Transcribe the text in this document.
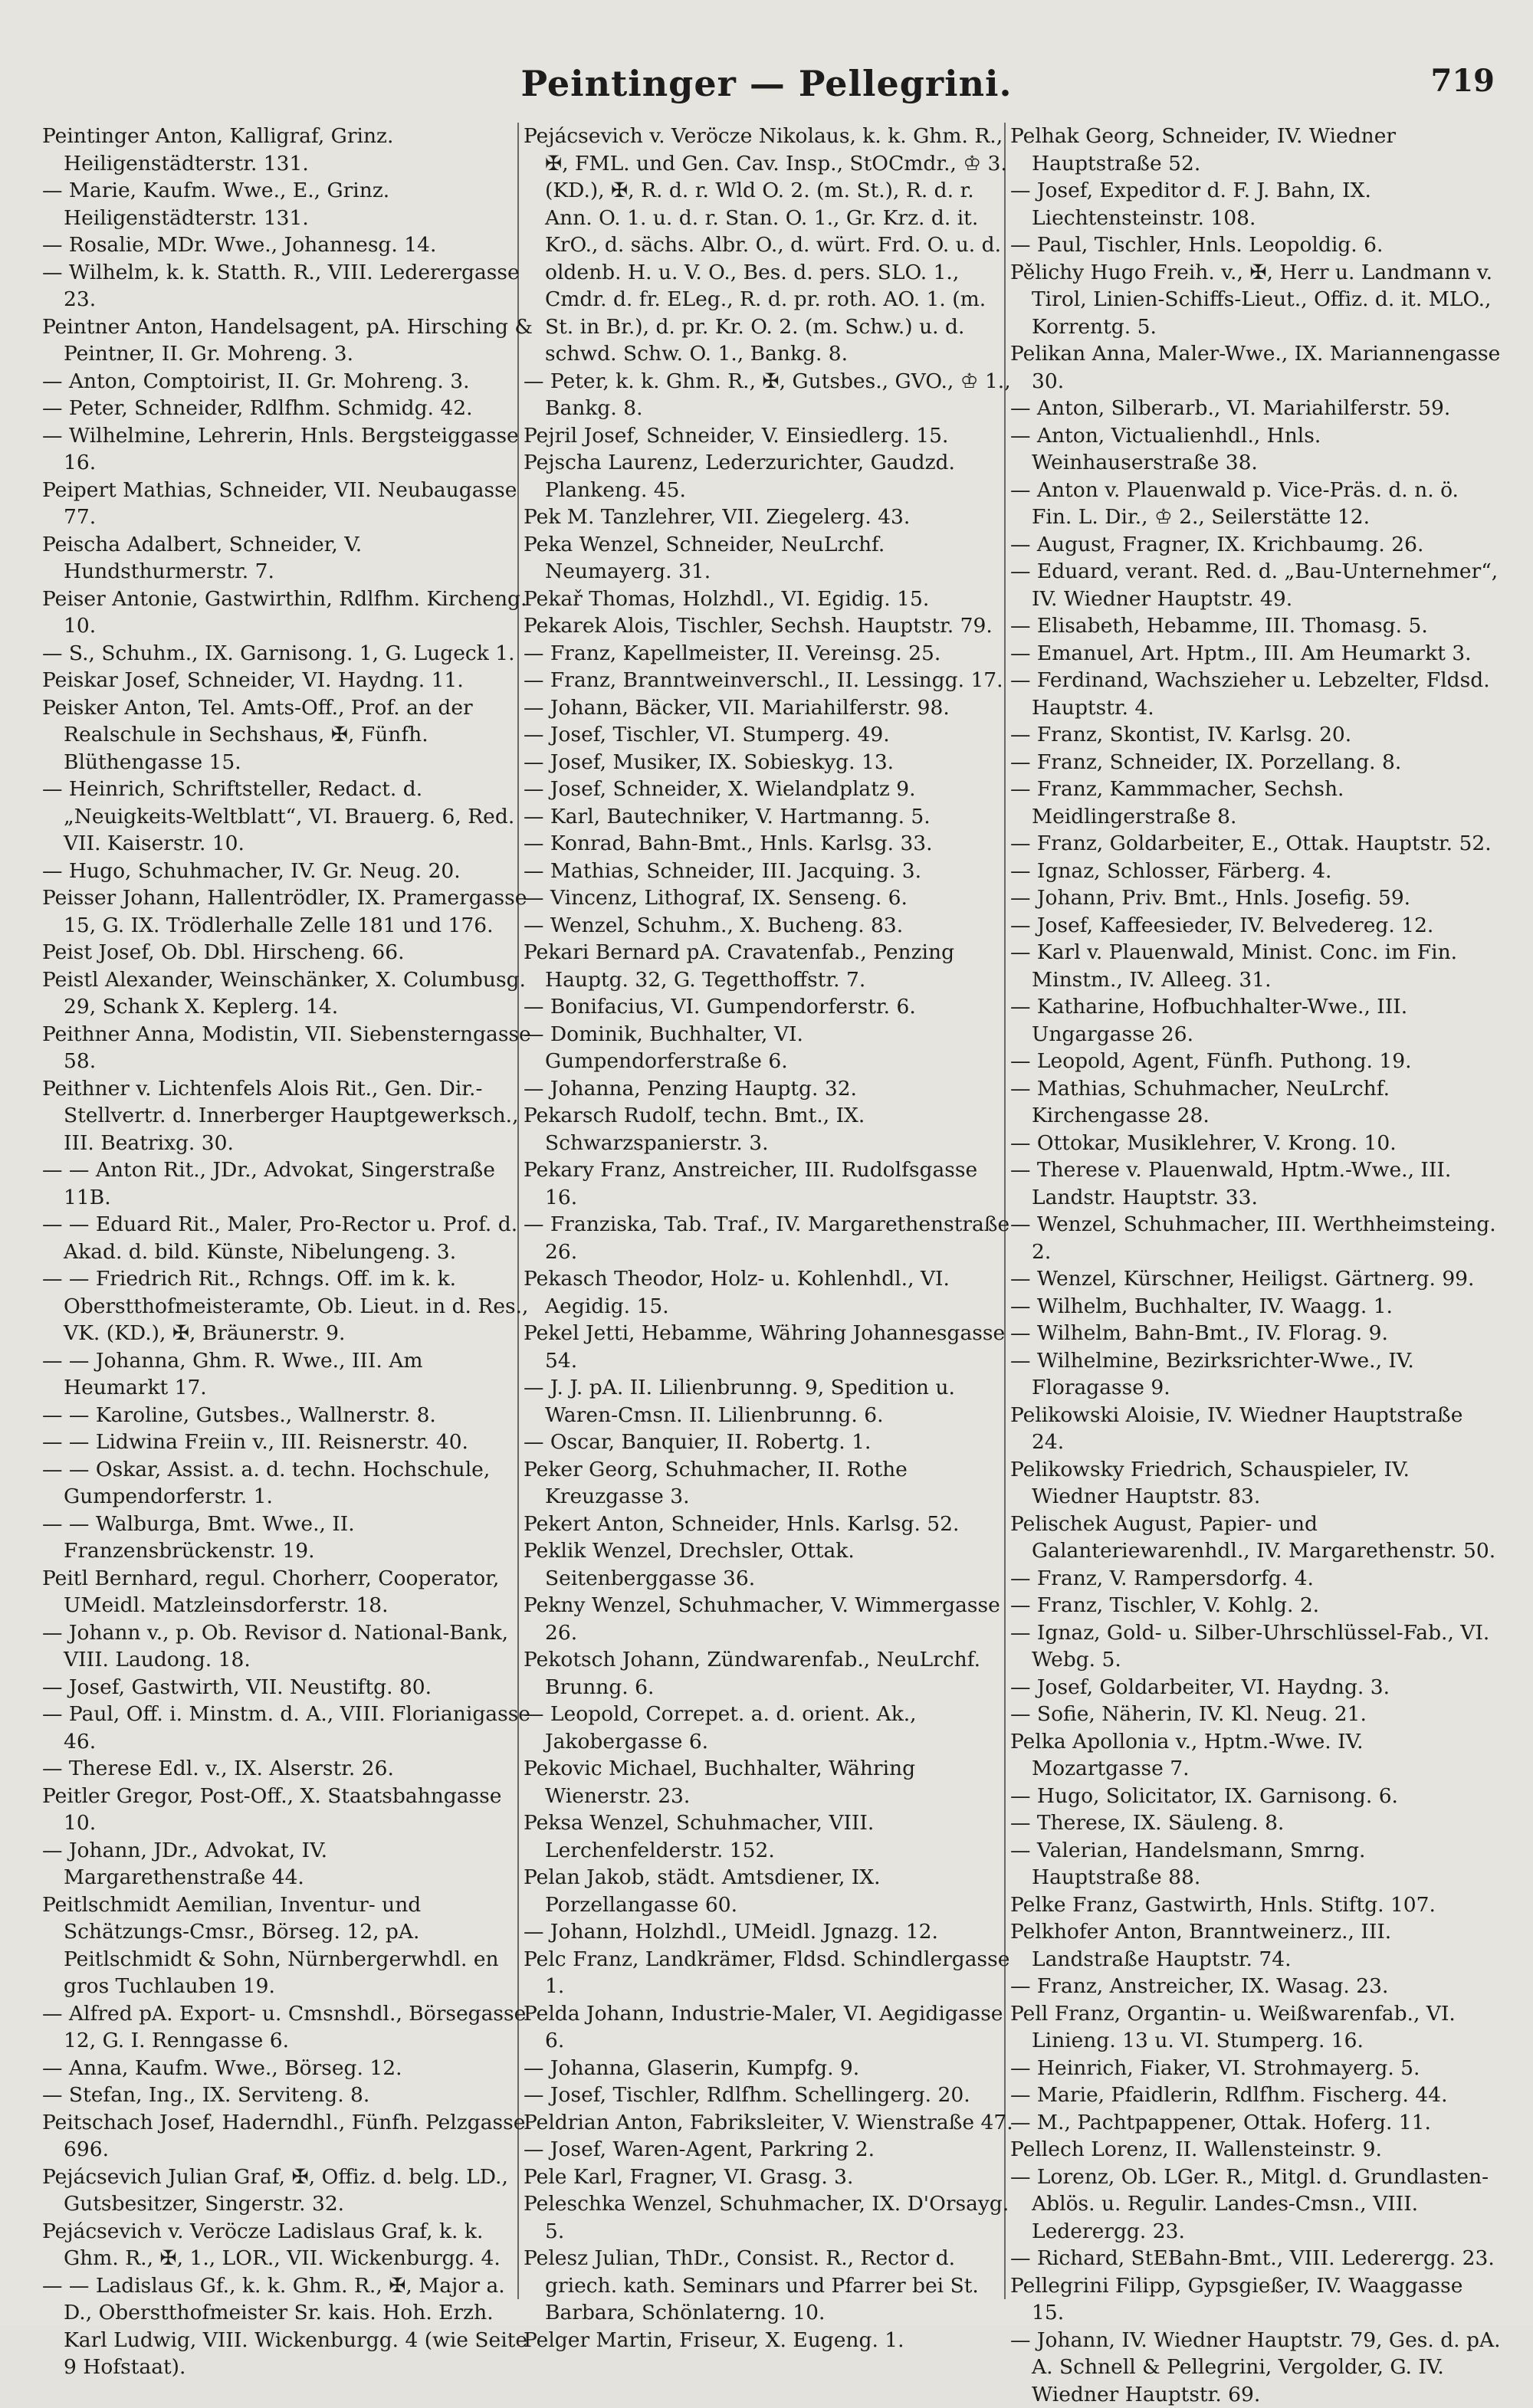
Peintinger — Pellegrini.	719

Peintinger Anton, Kalligraf, Grinz. Heiligenstädterstr. 131.

— Marie, Kaufm. Wwe., E., Grinz. Heiligenstädterstr. 131.

— Rosalie, MDr. Wwe., Johannesg. 14.

— Wilhelm, k. k. Statth. R., VIII. Lederergasse 23.

Peintner Anton, Handelsagent, pA. Hirsching & Peintner, II. Gr. Mohreng. 3.

— Anton, Comptoirist, II. Gr. Mohreng. 3.

— Peter, Schneider, Rdlfhm. Schmidg. 42.

— Wilhelmine, Lehrerin, Hnls. Bergsteiggasse 16.

Peipert Mathias, Schneider, VII. Neubaugasse 77.

Peischa Adalbert, Schneider, V. Hundsthurmerstr. 7.

Peiser Antonie, Gastwirthin, Rdlfhm. Kircheng. 10.

— S., Schuhm., IX. Garnisong. 1, G. Lugeck 1.

Peiskar Josef, Schneider, VI. Haydng. 11.

Peisker Anton, Tel. Amts-Off., Prof. an der Realschule in Sechshaus, ✠, Fünfh. Blüthengasse 15.

— Heinrich, Schriftsteller, Redact. d. „Neuigkeits-Weltblatt“, VI. Brauerg. 6, Red. VII. Kaiserstr. 10.

— Hugo, Schuhmacher, IV. Gr. Neug. 20.

Peisser Johann, Hallentrödler, IX. Pramergasse 15, G. IX. Trödlerhalle Zelle 181 und 176.

Peist Josef, Ob. Dbl. Hirscheng. 66.

Peistl Alexander, Weinschänker, X. Columbusg. 29, Schank X. Keplerg. 14.

Peithner Anna, Modistin, VII. Siebensterngasse 58.

Peithner v. Lichtenfels Alois Rit., Gen. Dir.-Stellvertr. d. Innerberger Hauptgewerksch., III. Beatrixg. 30.

— — Anton Rit., JDr., Advokat, Singerstraße 11B.

— — Eduard Rit., Maler, Pro-Rector u. Prof. d. Akad. d. bild. Künste, Nibelungeng. 3.

— — Friedrich Rit., Rchngs. Off. im k. k. Oberstthofmeisteramte, Ob. Lieut. in d. Res., VK. (KD.), ✠, Bräunerstr. 9.

— — Johanna, Ghm. R. Wwe., III. Am Heumarkt 17.

— — Karoline, Gutsbes., Wallnerstr. 8.

— — Lidwina Freiin v., III. Reisnerstr. 40.

— — Oskar, Assist. a. d. techn. Hochschule, Gumpendorferstr. 1.

— — Walburga, Bmt. Wwe., II. Franzensbrückenstr. 19.

Peitl Bernhard, regul. Chorherr, Cooperator, UMeidl. Matzleinsdorferstr. 18.

— Johann v., p. Ob. Revisor d. National-Bank, VIII. Laudong. 18.

— Josef, Gastwirth, VII. Neustiftg. 80.

— Paul, Off. i. Minstm. d. A., VIII. Florianigasse 46.

— Therese Edl. v., IX. Alserstr. 26.

Peitler Gregor, Post-Off., X. Staatsbahngasse 10.

— Johann, JDr., Advokat, IV. Margarethenstraße 44.

Peitlschmidt Aemilian, Inventur- und Schätzungs-Cmsr., Börseg. 12, pA. Peitlschmidt & Sohn, Nürnbergerwhdl. en gros Tuchlauben 19.

— Alfred pA. Export- u. Cmsnshdl., Börsegasse 12, G. I. Renngasse 6.

— Anna, Kaufm. Wwe., Börseg. 12.

— Stefan, Ing., IX. Serviteng. 8.

Peitschach Josef, Haderndhl., Fünfh. Pelzgasse 696.

Pejácsevich Julian Graf, ✠, Offiz. d. belg. LD., Gutsbesitzer, Singerstr. 32.

Pejácsevich v. Veröcze Ladislaus Graf, k. k. Ghm. R., ✠, 1., LOR., VII. Wickenburgg. 4.

— — Ladislaus Gf., k. k. Ghm. R., ✠, Major a. D., Oberstthofmeister Sr. kais. Hoh. Erzh. Karl Ludwig, VIII. Wickenburgg. 4 (wie Seite 9 Hofstaat).

Pejácsevich v. Veröcze Nikolaus, k. k. Ghm. R., ✠, FML. und Gen. Cav. Insp., StOCmdr., ♔ 3. (KD.), ✠, R. d. r. Wld O. 2. (m. St.), R. d. r. Ann. O. 1. u. d. r. Stan. O. 1., Gr. Krz. d. it. KrO., d. sächs. Albr. O., d. würt. Frd. O. u. d. oldenb. H. u. V. O., Bes. d. pers. SLO. 1., Cmdr. d. fr. ELeg., R. d. pr. roth. AO. 1. (m. St. in Br.), d. pr. Kr. O. 2. (m. Schw.) u. d. schwd. Schw. O. 1., Bankg. 8.

— Peter, k. k. Ghm. R., ✠, Gutsbes., GVO., ♔ 1., Bankg. 8.

Pejril Josef, Schneider, V. Einsiedlerg. 15.

Pejscha Laurenz, Lederzurichter, Gaudzd. Plankeng. 45.

Pek M. Tanzlehrer, VII. Ziegelerg. 43.

Peka Wenzel, Schneider, NeuLrchf. Neumayerg. 31.

Pekař Thomas, Holzhdl., VI. Egidig. 15.

Pekarek Alois, Tischler, Sechsh. Hauptstr. 79.

— Franz, Kapellmeister, II. Vereinsg. 25.

— Franz, Branntweinverschl., II. Lessingg. 17.

— Johann, Bäcker, VII. Mariahilferstr. 98.

— Josef, Tischler, VI. Stumperg. 49.

— Josef, Musiker, IX. Sobieskyg. 13.

— Josef, Schneider, X. Wielandplatz 9.

— Karl, Bautechniker, V. Hartmanng. 5.

— Konrad, Bahn-Bmt., Hnls. Karlsg. 33.

— Mathias, Schneider, III. Jacquing. 3.

— Vincenz, Lithograf, IX. Senseng. 6.

— Wenzel, Schuhm., X. Bucheng. 83.

Pekari Bernard pA. Cravatenfab., Penzing Hauptg. 32, G. Tegetthoffstr. 7.

— Bonifacius, VI. Gumpendorferstr. 6.

— Dominik, Buchhalter, VI. Gumpendorferstraße 6.

— Johanna, Penzing Hauptg. 32.

Pekarsch Rudolf, techn. Bmt., IX. Schwarzspanierstr. 3.

Pekary Franz, Anstreicher, III. Rudolfsgasse 16.

— Franziska, Tab. Traf., IV. Margarethenstraße 26.

Pekasch Theodor, Holz- u. Kohlenhdl., VI. Aegidig. 15.

Pekel Jetti, Hebamme, Währing Johannesgasse 54.

— J. J. pA. II. Lilienbrunng. 9, Spedition u. Waren-Cmsn. II. Lilienbrunng. 6.

— Oscar, Banquier, II. Robertg. 1.

Peker Georg, Schuhmacher, II. Rothe Kreuzgasse 3.

Pekert Anton, Schneider, Hnls. Karlsg. 52.

Peklik Wenzel, Drechsler, Ottak. Seitenberggasse 36.

Pekny Wenzel, Schuhmacher, V. Wimmergasse 26.

Pekotsch Johann, Zündwarenfab., NeuLrchf. Brunng. 6.

— Leopold, Correpet. a. d. orient. Ak., Jakobergasse 6.

Pekovic Michael, Buchhalter, Währing Wienerstr. 23.

Peksa Wenzel, Schuhmacher, VIII. Lerchenfelderstr. 152.

Pelan Jakob, städt. Amtsdiener, IX. Porzellangasse 60.

— Johann, Holzhdl., UMeidl. Jgnazg. 12.

Pelc Franz, Landkrämer, Fldsd. Schindlergasse 1.

Pelda Johann, Industrie-Maler, VI. Aegidigasse 6.

— Johanna, Glaserin, Kumpfg. 9.

— Josef, Tischler, Rdlfhm. Schellingerg. 20.

Peldrian Anton, Fabriksleiter, V. Wienstraße 47.

— Josef, Waren-Agent, Parkring 2.

Pele Karl, Fragner, VI. Grasg. 3.

Peleschka Wenzel, Schuhmacher, IX. D'Orsayg. 5.

Pelesz Julian, ThDr., Consist. R., Rector d. griech. kath. Seminars und Pfarrer bei St. Barbara, Schönlaterng. 10.

Pelger Martin, Friseur, X. Eugeng. 1.

Pelhak Georg, Schneider, IV. Wiedner Hauptstraße 52.

— Josef, Expeditor d. F. J. Bahn, IX. Liechtensteinstr. 108.

— Paul, Tischler, Hnls. Leopoldig. 6.

Pělichy Hugo Freih. v., ✠, Herr u. Landmann v. Tirol, Linien-Schiffs-Lieut., Offiz. d. it. MLO., Korrentg. 5.

Pelikan Anna, Maler-Wwe., IX. Mariannengasse 30.

— Anton, Silberarb., VI. Mariahilferstr. 59.

— Anton, Victualienhdl., Hnls. Weinhauserstraße 38.

— Anton v. Plauenwald p. Vice-Präs. d. n. ö. Fin. L. Dir., ♔ 2., Seilerstätte 12.

— August, Fragner, IX. Krichbaumg. 26.

— Eduard, verant. Red. d. „Bau-Unternehmer“, IV. Wiedner Hauptstr. 49.

— Elisabeth, Hebamme, III. Thomasg. 5.

— Emanuel, Art. Hptm., III. Am Heumarkt 3.

— Ferdinand, Wachszieher u. Lebzelter, Fldsd. Hauptstr. 4.

— Franz, Skontist, IV. Karlsg. 20.

— Franz, Schneider, IX. Porzellang. 8.

— Franz, Kammmacher, Sechsh. Meidlingerstraße 8.

— Franz, Goldarbeiter, E., Ottak. Hauptstr. 52.

— Ignaz, Schlosser, Färberg. 4.

— Johann, Priv. Bmt., Hnls. Josefig. 59.

— Josef, Kaffeesieder, IV. Belvedereg. 12.

— Karl v. Plauenwald, Minist. Conc. im Fin. Minstm., IV. Alleeg. 31.

— Katharine, Hofbuchhalter-Wwe., III. Ungargasse 26.

— Leopold, Agent, Fünfh. Puthong. 19.

— Mathias, Schuhmacher, NeuLrchf. Kirchengasse 28.

— Ottokar, Musiklehrer, V. Krong. 10.

— Therese v. Plauenwald, Hptm.-Wwe., III. Landstr. Hauptstr. 33.

— Wenzel, Schuhmacher, III. Werthheimsteing. 2.

— Wenzel, Kürschner, Heiligst. Gärtnerg. 99.

— Wilhelm, Buchhalter, IV. Waagg. 1.

— Wilhelm, Bahn-Bmt., IV. Florag. 9.

— Wilhelmine, Bezirksrichter-Wwe., IV. Floragasse 9.

Pelikowski Aloisie, IV. Wiedner Hauptstraße 24.

Pelikowsky Friedrich, Schauspieler, IV. Wiedner Hauptstr. 83.

Pelischek August, Papier- und Galanteriewarenhdl., IV. Margarethenstr. 50.

— Franz, V. Rampersdorfg. 4.

— Franz, Tischler, V. Kohlg. 2.

— Ignaz, Gold- u. Silber-Uhrschlüssel-Fab., VI. Webg. 5.

— Josef, Goldarbeiter, VI. Haydng. 3.

— Sofie, Näherin, IV. Kl. Neug. 21.

Pelka Apollonia v., Hptm.-Wwe. IV. Mozartgasse 7.

— Hugo, Solicitator, IX. Garnisong. 6.

— Therese, IX. Säuleng. 8.

— Valerian, Handelsmann, Smrng. Hauptstraße 88.

Pelke Franz, Gastwirth, Hnls. Stiftg. 107.

Pelkhofer Anton, Branntweinerz., III. Landstraße Hauptstr. 74.

— Franz, Anstreicher, IX. Wasag. 23.

Pell Franz, Organtin- u. Weißwarenfab., VI. Linieng. 13 u. VI. Stumperg. 16.

— Heinrich, Fiaker, VI. Strohmayerg. 5.

— Marie, Pfaidlerin, Rdlfhm. Fischerg. 44.

— M., Pachtpappener, Ottak. Hoferg. 11.

Pellech Lorenz, II. Wallensteinstr. 9.

— Lorenz, Ob. LGer. R., Mitgl. d. Grundlasten-Ablös. u. Regulir. Landes-Cmsn., VIII. Lederergg. 23.

— Richard, StEBahn-Bmt., VIII. Lederergg. 23.

Pellegrini Filipp, Gypsgießer, IV. Waaggasse 15.

— Johann, IV. Wiedner Hauptstr. 79, Ges. d. pA. A. Schnell & Pellegrini, Vergolder, G. IV. Wiedner Hauptstr. 69.
